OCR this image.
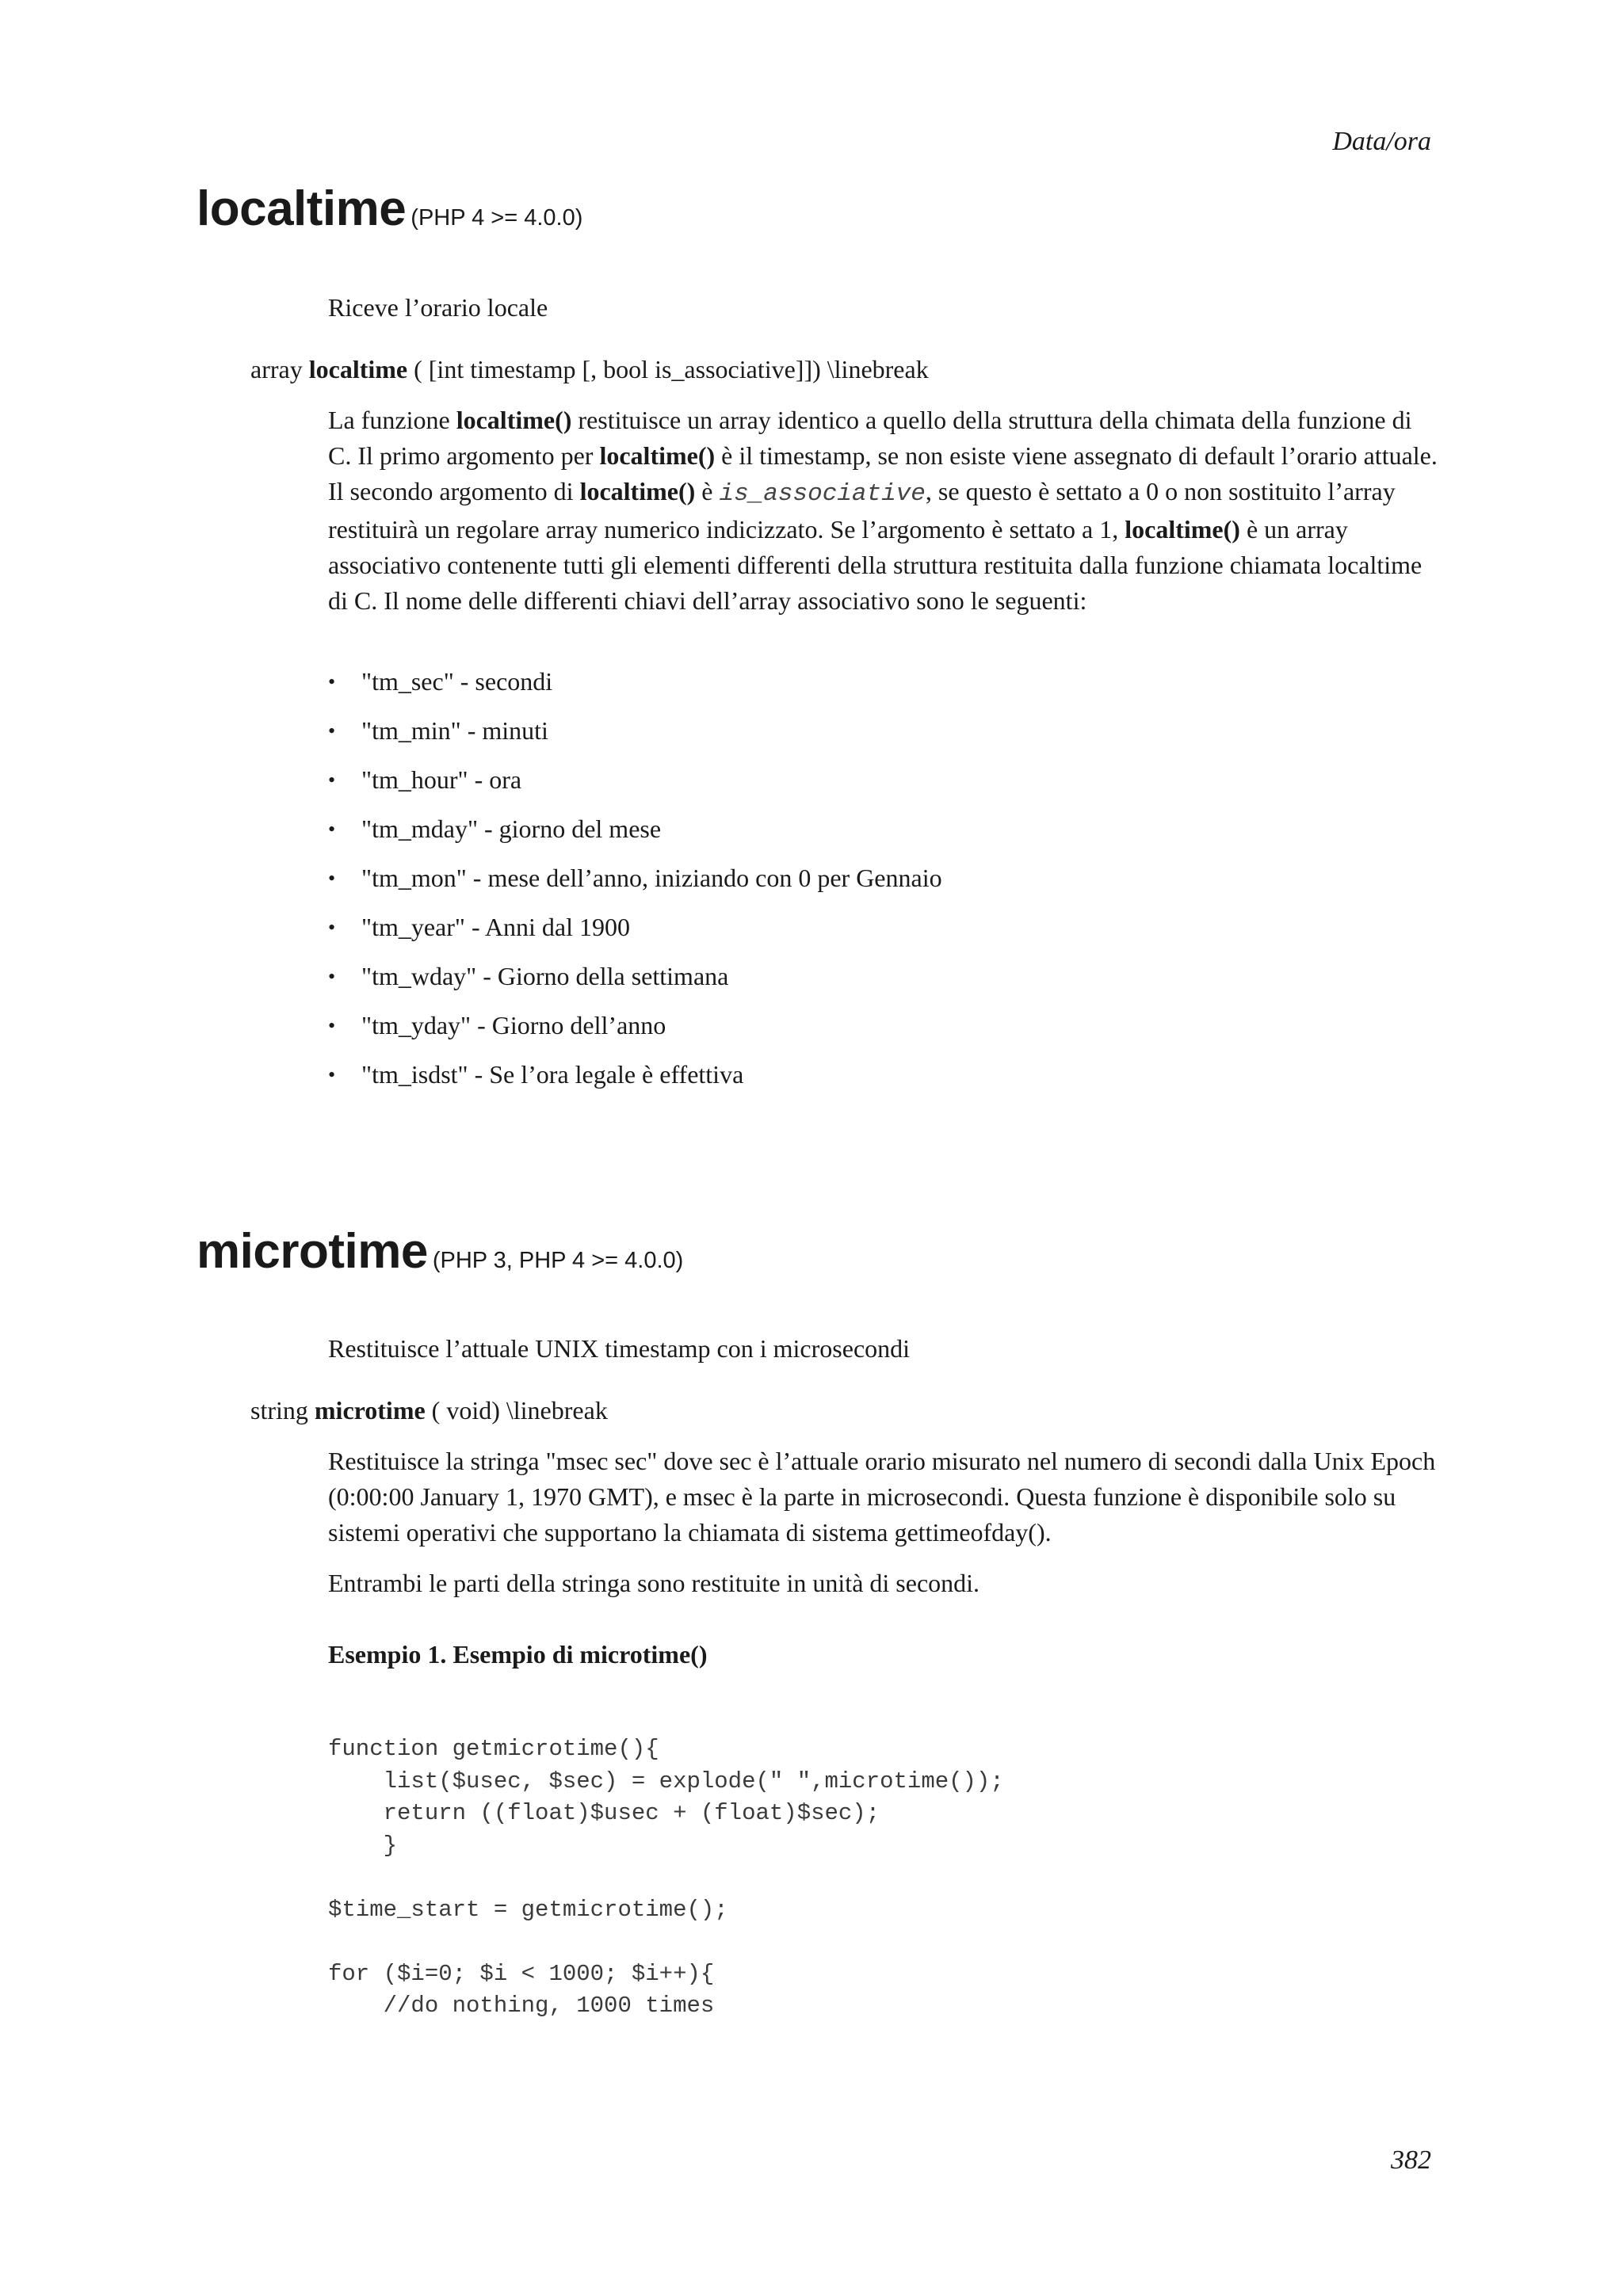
Data/ora
localtime (PHP 4 >= 4.0.0)
Riceve l’orario locale
array localtime ( [int timestamp [, bool is_associative]]) \linebreak
La funzione localtime() restituisce un array identico a quello della struttura della chimata della funzione di C. Il primo argomento per localtime() è il timestamp, se non esiste viene assegnato di default l’orario attuale. Il secondo argomento di localtime() è is_associative, se questo è settato a 0 o non sostituito l’array restituirà un regolare array numerico indicizzato. Se l’argomento è settato a 1, localtime() è un array associativo contenente tutti gli elementi differenti della struttura restituita dalla funzione chiamata localtime di C. Il nome delle differenti chiavi dell’array associativo sono le seguenti:
• "tm_sec" - secondi
• "tm_min" - minuti
• "tm_hour" - ora
• "tm_mday" - giorno del mese
• "tm_mon" - mese dell’anno, iniziando con 0 per Gennaio
• "tm_year" - Anni dal 1900
• "tm_wday" - Giorno della settimana
• "tm_yday" - Giorno dell’anno
• "tm_isdst" - Se l’ora legale è effettiva
microtime (PHP 3, PHP 4 >= 4.0.0)
Restituisce l’attuale UNIX timestamp con i microsecondi
string microtime ( void) \linebreak
Restituisce la stringa "msec sec" dove sec è l’attuale orario misurato nel numero di secondi dalla Unix Epoch (0:00:00 January 1, 1970 GMT), e msec è la parte in microsecondi. Questa funzione è disponibile solo su sistemi operativi che supportano la chiamata di sistema gettimeofday().
Entrambi le parti della stringa sono restituite in unità di secondi.
Esempio 1. Esempio di microtime()
function getmicrotime(){
list($usec, $sec) = explode(" ",microtime());
return ((float)$usec + (float)$sec);
}

$time_start = getmicrotime();

for ($i=0; $i < 1000; $i++){
//do nothing, 1000 times
382
